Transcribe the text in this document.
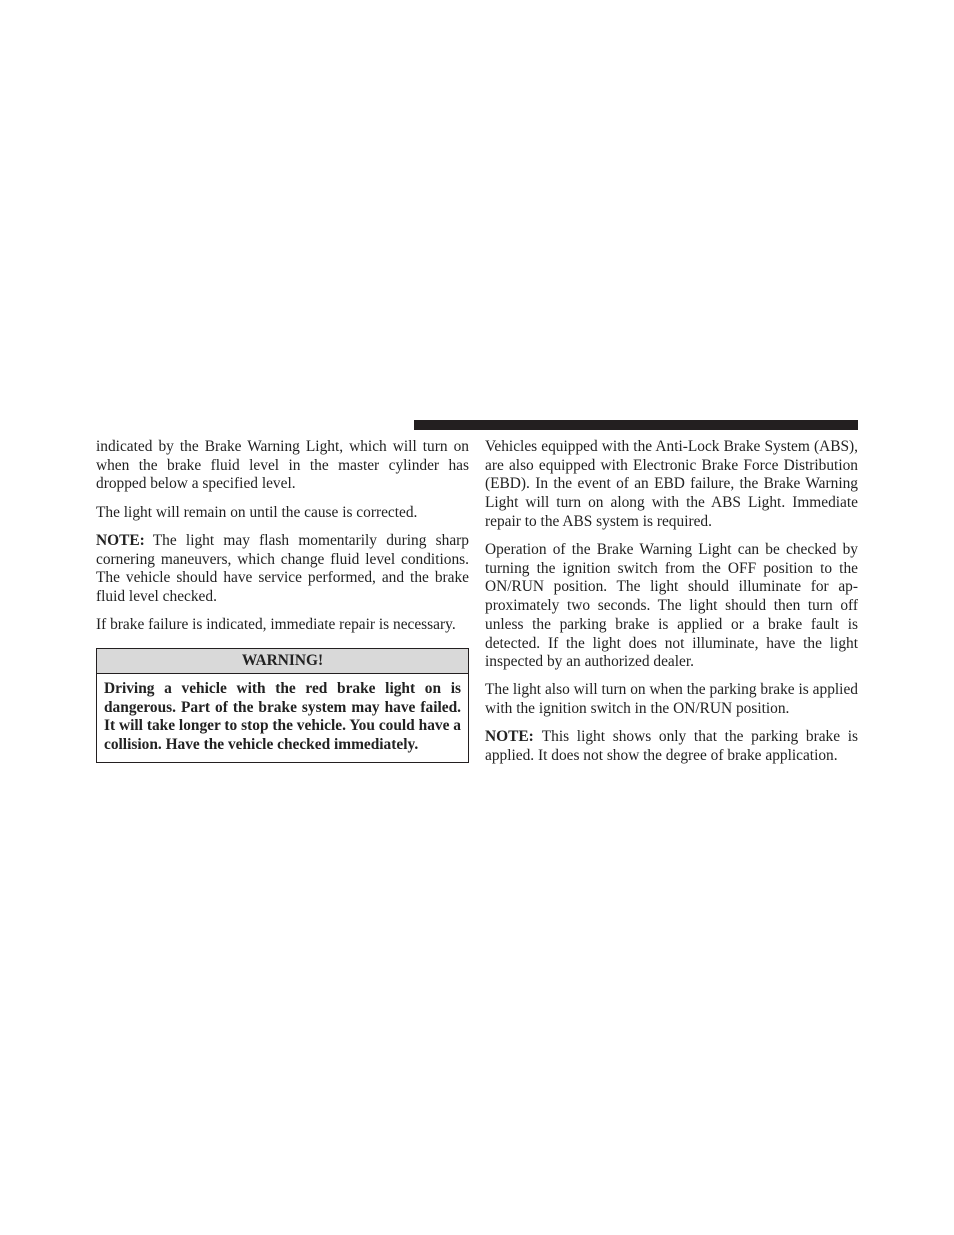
indicated by the Brake Warning Light, which will turn on when the brake fluid level in the master cylinder has dropped below a specified level.

The light will remain on until the cause is corrected.

NOTE: The light may flash momentarily during sharp cornering maneuvers, which change fluid level conditions. The vehicle should have service performed, and the brake fluid level checked.

If brake failure is indicated, immediate repair is necessary.

WARNING!
Driving a vehicle with the red brake light on is dangerous. Part of the brake system may have failed. It will take longer to stop the vehicle. You could have a collision. Have the vehicle checked immediately.

Vehicles equipped with the Anti-Lock Brake System (ABS), are also equipped with Electronic Brake Force Distribution (EBD). In the event of an EBD failure, the Brake Warning Light will turn on along with the ABS Light. Immediate repair to the ABS system is required.

Operation of the Brake Warning Light can be checked by turning the ignition switch from the OFF position to the ON/RUN position. The light should illuminate for approximately two seconds. The light should then turn off unless the parking brake is applied or a brake fault is detected. If the light does not illuminate, have the light inspected by an authorized dealer.

The light also will turn on when the parking brake is applied with the ignition switch in the ON/RUN position.

NOTE: This light shows only that the parking brake is applied. It does not show the degree of brake application.
